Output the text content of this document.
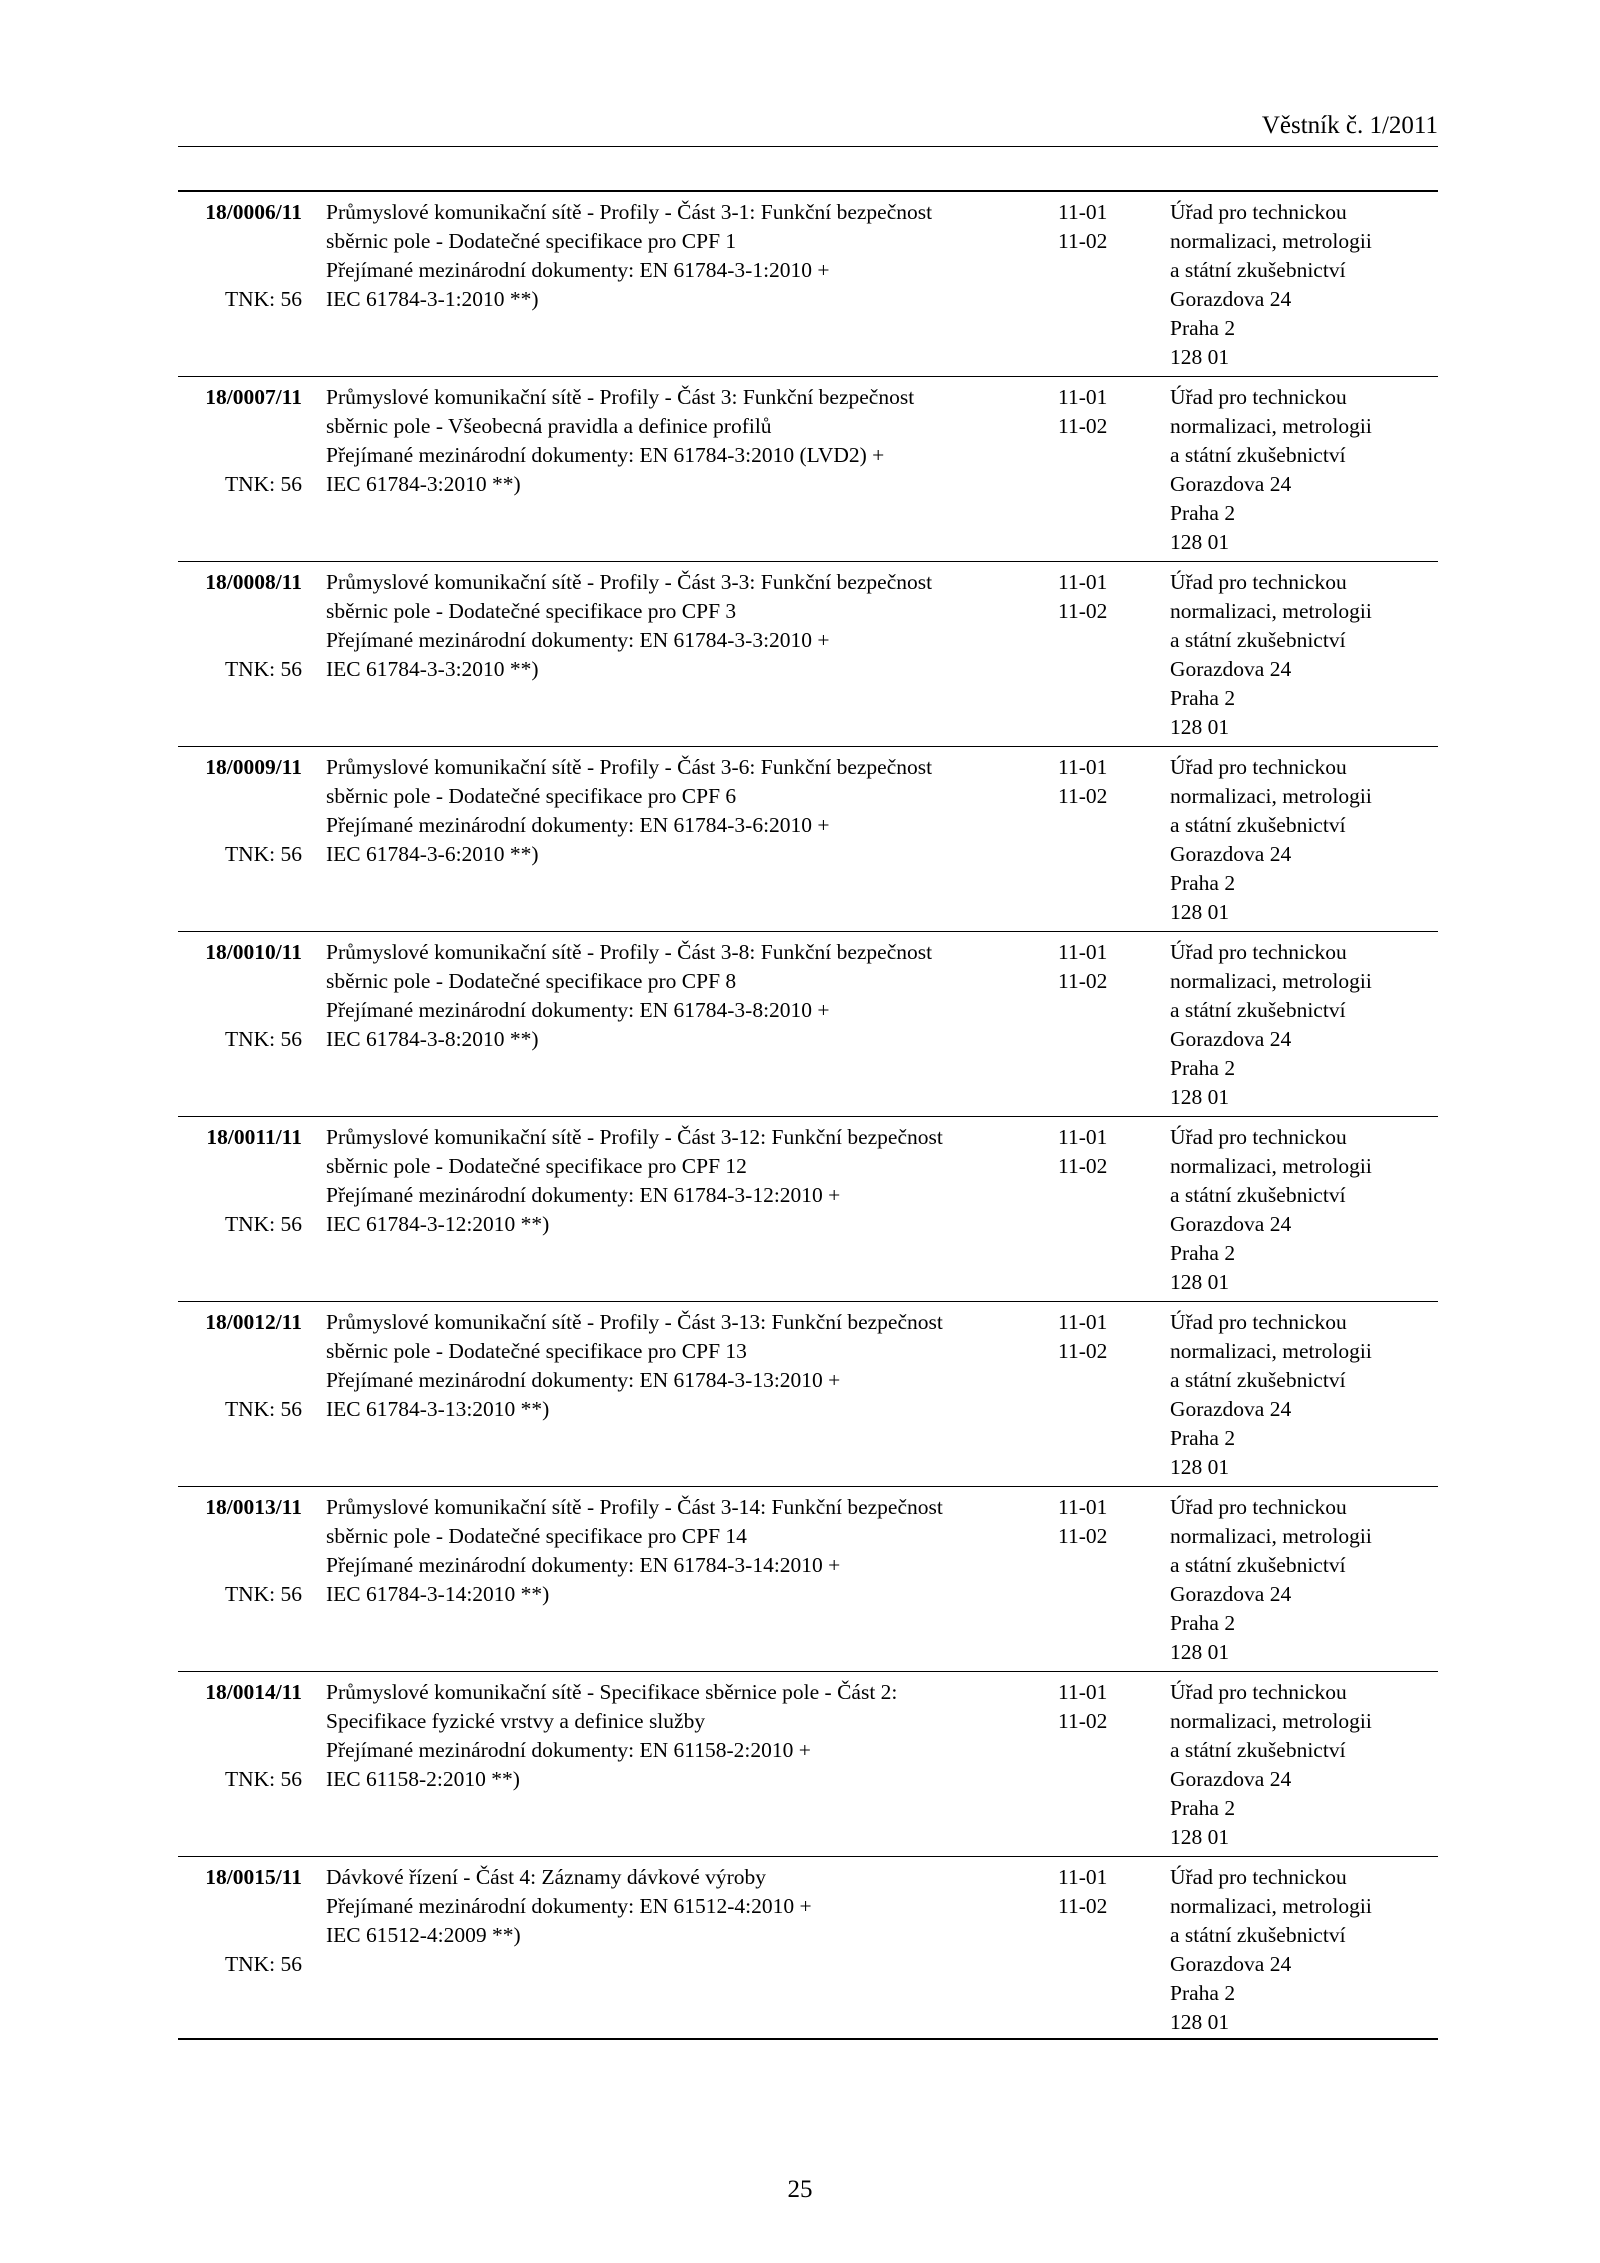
Věstník č. 1/2011
18/0006/11
TNK: 56
Průmyslové komunikační sítě - Profily - Část 3-1: Funkční bezpečnost
sběrnic pole - Dodatečné specifikace pro CPF 1
Přejímané mezinárodní dokumenty: EN 61784-3-1:2010 +
IEC 61784-3-1:2010 **)
11-01
11-02
Úřad pro technickou
normalizaci, metrologii
a státní zkušebnictví
Gorazdova 24
Praha 2
128 01
18/0007/11
TNK: 56
Průmyslové komunikační sítě - Profily - Část 3: Funkční bezpečnost
sběrnic pole - Všeobecná pravidla a definice profilů
Přejímané mezinárodní dokumenty: EN 61784-3:2010 (LVD2) +
IEC 61784-3:2010 **)
11-01
11-02
Úřad pro technickou
normalizaci, metrologii
a státní zkušebnictví
Gorazdova 24
Praha 2
128 01
18/0008/11
TNK: 56
Průmyslové komunikační sítě - Profily - Část 3-3: Funkční bezpečnost
sběrnic pole - Dodatečné specifikace pro CPF 3
Přejímané mezinárodní dokumenty: EN 61784-3-3:2010 +
IEC 61784-3-3:2010 **)
11-01
11-02
Úřad pro technickou
normalizaci, metrologii
a státní zkušebnictví
Gorazdova 24
Praha 2
128 01
18/0009/11
TNK: 56
Průmyslové komunikační sítě - Profily - Část 3-6: Funkční bezpečnost
sběrnic pole - Dodatečné specifikace pro CPF 6
Přejímané mezinárodní dokumenty: EN 61784-3-6:2010 +
IEC 61784-3-6:2010 **)
11-01
11-02
Úřad pro technickou
normalizaci, metrologii
a státní zkušebnictví
Gorazdova 24
Praha 2
128 01
18/0010/11
TNK: 56
Průmyslové komunikační sítě - Profily - Část 3-8: Funkční bezpečnost
sběrnic pole - Dodatečné specifikace pro CPF 8
Přejímané mezinárodní dokumenty: EN 61784-3-8:2010 +
IEC 61784-3-8:2010 **)
11-01
11-02
Úřad pro technickou
normalizaci, metrologii
a státní zkušebnictví
Gorazdova 24
Praha 2
128 01
18/0011/11
TNK: 56
Průmyslové komunikační sítě - Profily - Část 3-12: Funkční bezpečnost
sběrnic pole - Dodatečné specifikace pro CPF 12
Přejímané mezinárodní dokumenty: EN 61784-3-12:2010 +
IEC 61784-3-12:2010 **)
11-01
11-02
Úřad pro technickou
normalizaci, metrologii
a státní zkušebnictví
Gorazdova 24
Praha 2
128 01
18/0012/11
TNK: 56
Průmyslové komunikační sítě - Profily - Část 3-13: Funkční bezpečnost
sběrnic pole - Dodatečné specifikace pro CPF 13
Přejímané mezinárodní dokumenty: EN 61784-3-13:2010 +
IEC 61784-3-13:2010 **)
11-01
11-02
Úřad pro technickou
normalizaci, metrologii
a státní zkušebnictví
Gorazdova 24
Praha 2
128 01
18/0013/11
TNK: 56
Průmyslové komunikační sítě - Profily - Část 3-14: Funkční bezpečnost
sběrnic pole - Dodatečné specifikace pro CPF 14
Přejímané mezinárodní dokumenty: EN 61784-3-14:2010 +
IEC 61784-3-14:2010 **)
11-01
11-02
Úřad pro technickou
normalizaci, metrologii
a státní zkušebnictví
Gorazdova 24
Praha 2
128 01
18/0014/11
TNK: 56
Průmyslové komunikační sítě - Specifikace sběrnice pole - Část 2:
Specifikace fyzické vrstvy a definice služby
Přejímané mezinárodní dokumenty: EN 61158-2:2010 +
IEC 61158-2:2010 **)
11-01
11-02
Úřad pro technickou
normalizaci, metrologii
a státní zkušebnictví
Gorazdova 24
Praha 2
128 01
18/0015/11
TNK: 56
Dávkové řízení - Část 4: Záznamy dávkové výroby
Přejímané mezinárodní dokumenty: EN 61512-4:2010 +
IEC 61512-4:2009 **)
11-01
11-02
Úřad pro technickou
normalizaci, metrologii
a státní zkušebnictví
Gorazdova 24
Praha 2
128 01
25
